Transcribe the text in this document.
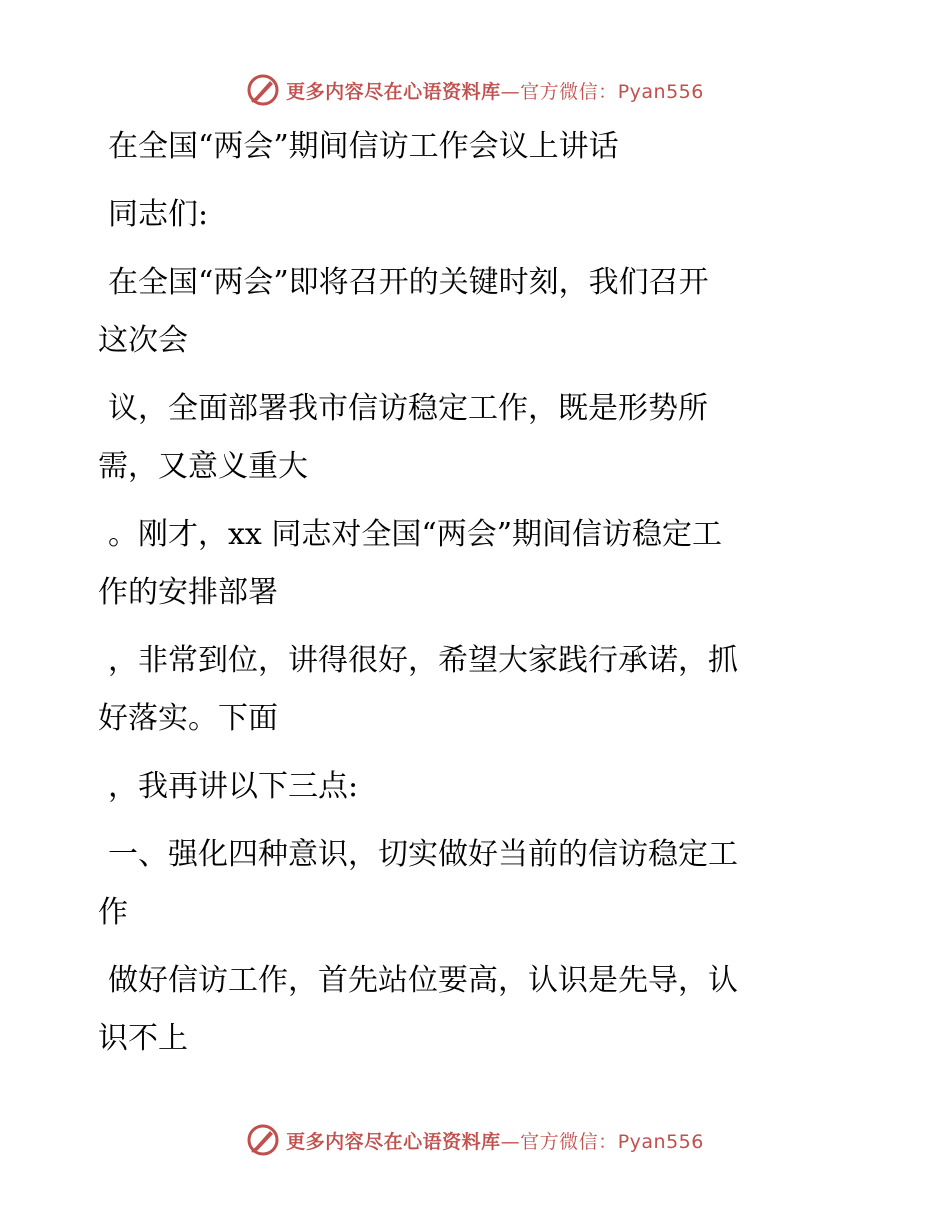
更多内容尽在心语资料库—官方微信：Pyan556
在全国“两会”期间信访工作会议上讲话
同志们:
在全国“两会”即将召开的关键时刻，我们召开
这次会
议，全面部署我市信访稳定工作，既是形势所
需，又意义重大
。刚才，xx 同志对全国“两会”期间信访稳定工
作的安排部署
，非常到位，讲得很好，希望大家践行承诺，抓
好落实。下面
，我再讲以下三点:
一、强化四种意识，切实做好当前的信访稳定工
作
做好信访工作，首先站位要高，认识是先导，认
识不上
更多内容尽在心语资料库—官方微信：Pyan556
